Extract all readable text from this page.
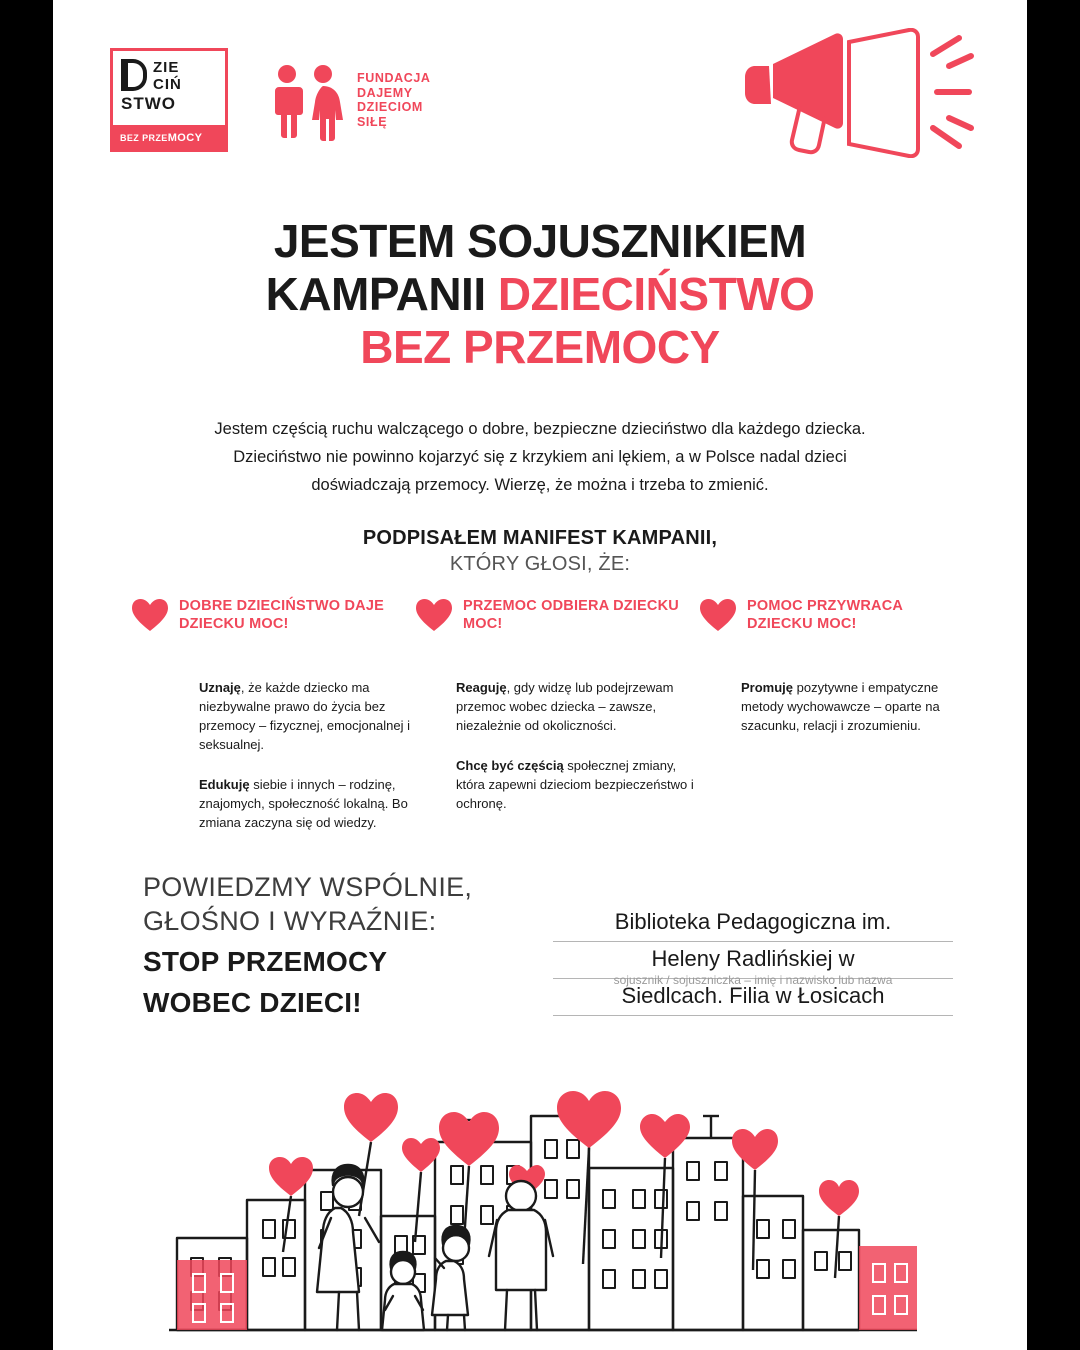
ZIE
CIŃ
STWO
BEZ PRZEMOCY
FUNDACJA
DAJEMY
DZIECIOM
SIŁĘ
JESTEM SOJUSZNIKIEM
KAMPANII DZIECIŃSTWO
BEZ PRZEMOCY
Jestem częścią ruchu walczącego o dobre, bezpieczne dzieciństwo dla każdego dziecka. Dzieciństwo nie powinno kojarzyć się z krzykiem ani lękiem, a w Polsce nadal dzieci doświadczają przemocy. Wierzę, że można i trzeba to zmienić.
PODPISAŁEM MANIFEST KAMPANII,
KTÓRY GŁOSI, ŻE:
DOBRE DZIECIŃSTWO DAJE DZIECKU MOC!
PRZEMOC ODBIERA DZIECKU MOC!
POMOC PRZYWRACA DZIECKU MOC!
Uznaję, że każde dziecko ma niezbywalne prawo do życia bez przemocy – fizycznej, emocjonalnej i seksualnej.
Edukuję siebie i innych – rodzinę, znajomych, społeczność lokalną. Bo zmiana zaczyna się od wiedzy.
Reaguję, gdy widzę lub podejrzewam przemoc wobec dziecka – zawsze, niezależnie od okoliczności.
Chcę być częścią społecznej zmiany, która zapewni dzieciom bezpieczeństwo i ochronę.
Promuję pozytywne i empatyczne metody wychowawcze – oparte na szacunku, relacji i zrozumieniu.
POWIEDZMY WSPÓLNIE,
GŁOŚNO I WYRAŹNIE:
STOP PRZEMOCY
WOBEC DZIECI!
Biblioteka Pedagogiczna im.
Heleny Radlińskiej w
Siedlcach. Filia w Łosicach
sojusznik / sojuszniczka – imię i nazwisko lub nazwa
